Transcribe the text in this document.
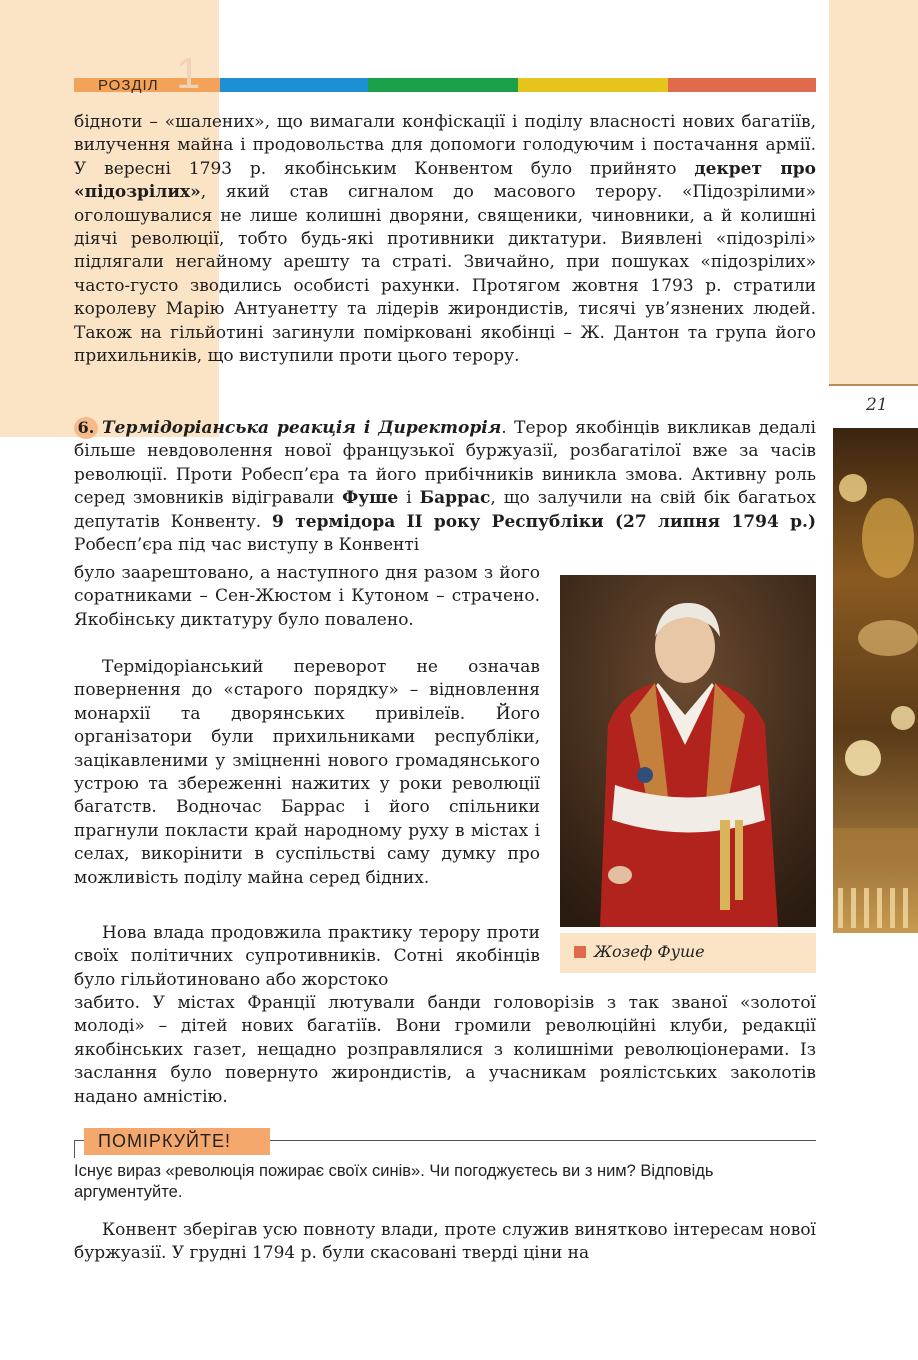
1
РОЗДІЛ
21

бідноти – «шалених», що вимагали конфіскації і поділу власності нових багатіїв, вилучення майна і продовольства для допомоги голодуючим і постачання армії. У вересні 1793 р. якобінським Конвентом було прийнято декрет про «підозрілих», який став сигналом до масового терору. «Підозрілими» оголошувалися не лише колишні дворяни, священики, чиновники, а й колишні діячі революції, тобто будь-які противники диктатури. Виявлені «підозрілі» підлягали негайному арешту та страті. Звичайно, при пошуках «підозрілих» часто-густо зводились особисті рахунки. Протягом жовтня 1793 р. стратили королеву Марію Антуанетту та лідерів жирондистів, тисячі ув’язнених людей. Також на гільйотині загинули помірковані якобінці – Ж. Дантон та група його прихильників, що виступили проти цього терору.

6. Термідоріанська реакція і Директорія. Терор якобінців викликав дедалі більше невдоволення нової французької буржуазії, розбагатілої вже за часів революції. Проти Робесп’єра та його прибічників виникла змова. Активну роль серед змовників відігравали Фуше і Баррас, що залучили на свій бік багатьох депутатів Конвенту. 9 термідора II року Республіки (27 липня 1794 р.) Робесп’єра під час виступу в Конвенті

було заарештовано, а наступного дня разом з його соратниками – Сен-Жюстом і Кутоном – страчено. Якобінську диктатуру було повалено.

Термідоріанський переворот не означав повернення до «старого порядку» – відновлення монархії та дворянських привілеїв. Його організатори були прихильниками республіки, зацікавленими у зміцненні нового громадянського устрою та збереженні нажитих у роки революції багатств. Водночас Баррас і його спільники прагнули покласти край народному руху в містах і селах, викорінити в суспільстві саму думку про можливість поділу майна серед бідних.

Нова влада продовжила практику терору проти своїх політичних супротивників. Сотні якобінців було гільйотиновано або жорстоко

Жозеф Фуше

забито. У містах Франції лютували банди головорізів з так званої «золотої молоді» – дітей нових багатіїв. Вони громили революційні клуби, редакції якобінських газет, нещадно розправлялися з колишніми революціонерами. Із заслання було повернуто жирондистів, а учасникам роялістських заколотів надано амністію.

ПОМІРКУЙТЕ!

Існує вираз «революція пожирає своїх синів». Чи погоджуєтесь ви з ним? Відповідь аргументуйте.

Конвент зберігав усю повноту влади, проте служив винятково інтересам нової буржуазії. У грудні 1794 р. були скасовані тверді ціни на
